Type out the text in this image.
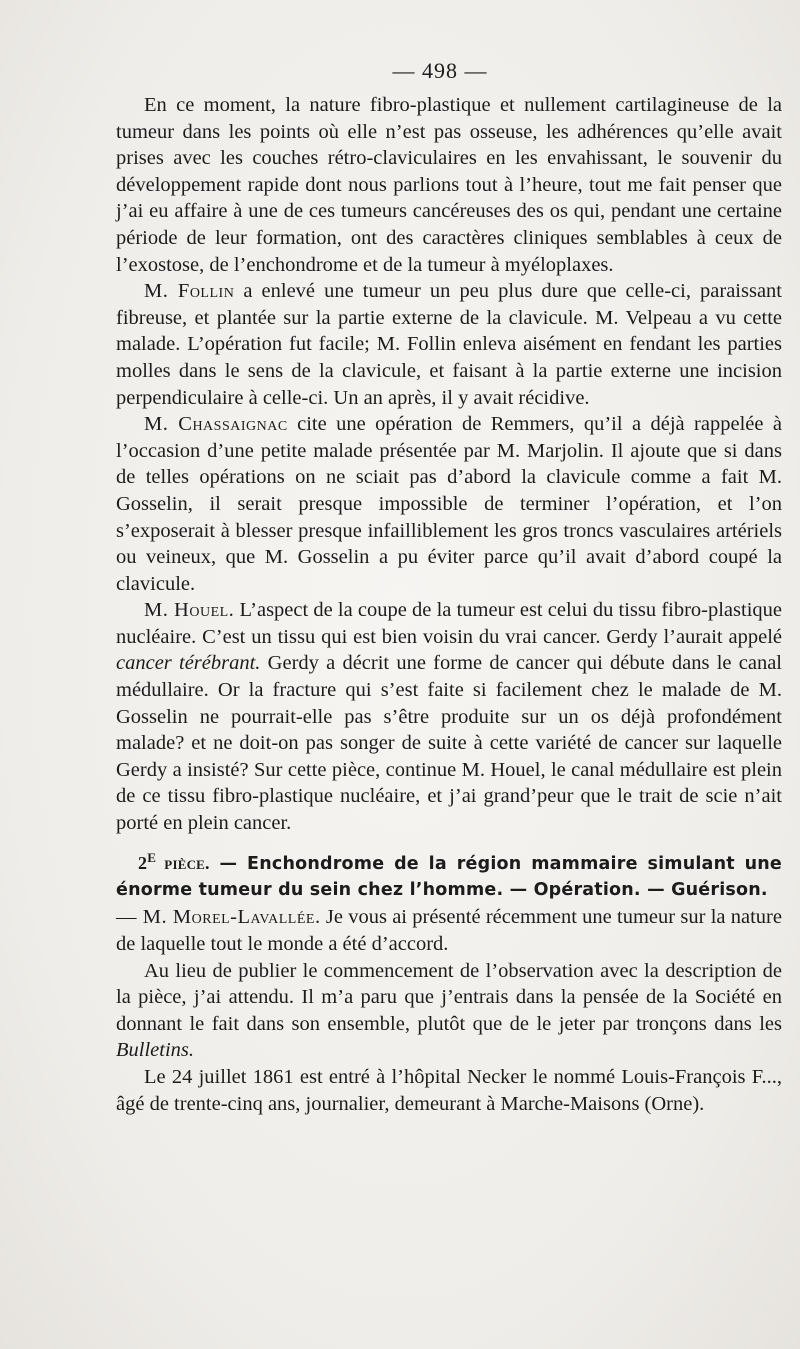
— 498 —

En ce moment, la nature fibro-plastique et nullement cartilagineuse de la tumeur dans les points où elle n’est pas osseuse, les adhérences qu’elle avait prises avec les couches rétro-claviculaires en les envahissant, le souvenir du développement rapide dont nous parlions tout à l’heure, tout me fait penser que j’ai eu affaire à une de ces tumeurs cancéreuses des os qui, pendant une certaine période de leur formation, ont des caractères cliniques semblables à ceux de l’exostose, de l’enchondrome et de la tumeur à myéloplaxes.

M. Follin a enlevé une tumeur un peu plus dure que celle-ci, paraissant fibreuse, et plantée sur la partie externe de la clavicule. M. Velpeau a vu cette malade. L’opération fut facile; M. Follin enleva aisément en fendant les parties molles dans le sens de la clavicule, et faisant à la partie externe une incision perpendiculaire à celle-ci. Un an après, il y avait récidive.

M. Chassaignac cite une opération de Remmers, qu’il a déjà rappelée à l’occasion d’une petite malade présentée par M. Marjolin. Il ajoute que si dans de telles opérations on ne sciait pas d’abord la clavicule comme a fait M. Gosselin, il serait presque impossible de terminer l’opération, et l’on s’exposerait à blesser presque infailliblement les gros troncs vasculaires artériels ou veineux, que M. Gosselin a pu éviter parce qu’il avait d’abord coupé la clavicule.

M. Houel. L’aspect de la coupe de la tumeur est celui du tissu fibro-plastique nucléaire. C’est un tissu qui est bien voisin du vrai cancer. Gerdy l’aurait appelé cancer térébrant. Gerdy a décrit une forme de cancer qui débute dans le canal médullaire. Or la fracture qui s’est faite si facilement chez le malade de M. Gosselin ne pourrait-elle pas s’être produite sur un os déjà profondément malade? et ne doit-on pas songer de suite à cette variété de cancer sur laquelle Gerdy a insisté? Sur cette pièce, continue M. Houel, le canal médullaire est plein de ce tissu fibro-plastique nucléaire, et j’ai grand’peur que le trait de scie n’ait porté en plein cancer.

2e pièce. — Enchondrome de la région mammaire simulant une énorme tumeur du sein chez l’homme. — Opération. — Guérison.

— M. Morel-Lavallée. Je vous ai présenté récemment une tumeur sur la nature de laquelle tout le monde a été d’accord.

Au lieu de publier le commencement de l’observation avec la description de la pièce, j’ai attendu. Il m’a paru que j’entrais dans la pensée de la Société en donnant le fait dans son ensemble, plutôt que de le jeter par tronçons dans les Bulletins.

Le 24 juillet 1861 est entré à l’hôpital Necker le nommé Louis-François F..., âgé de trente-cinq ans, journalier, demeurant à Marche-Maisons (Orne).
